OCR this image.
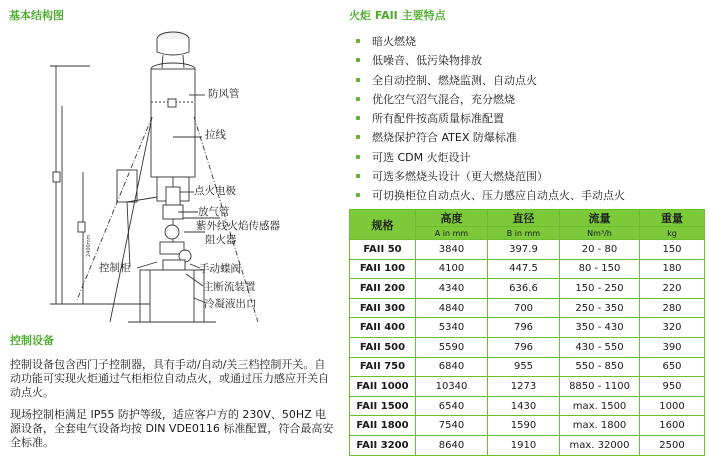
基本结构图
防风管
拉线
点火电极
放气管
紫外线火焰传感器
阻火器
控制柜	手动蝶阀
主断流装置
冷凝液出口
2400mm
控制设备
控制设备包含西门子控制器，具有手动/自动/关三档控制开关。自动功能可实现火炬通过气柜柜位自动点火，或通过压力感应开关自动点火。
现场控制柜满足 IP55 防护等级，适应客户方的 230V、50HZ 电源设备，全套电气设备均按 DIN VDE0116 标准配置，符合最高安全标准。
火炬 FAII 主要特点
暗火燃烧
低噪音、低污染物排放
全自动控制、燃烧监测、自动点火
优化空气沼气混合，充分燃烧
所有配件按高质量标准配置
燃烧保护符合 ATEX 防爆标准
可选 CDM 火炬设计
可选多燃烧头设计（更大燃烧范围）
可切换柜位自动点火、压力感应自动点火、手动点火
规格	高度	直径	流量	重量
	A in mm	B in mm	Nm³/h	kg
FAII 50	3840	397.9	20 - 80	150
FAII 100	4100	447.5	80 - 150	180
FAII 200	4340	636.6	150 - 250	220
FAII 300	4840	700	250 - 350	280
FAII 400	5340	796	350 - 430	320
FAII 500	5590	796	430 - 550	390
FAII 750	6840	955	550 - 850	650
FAII 1000	10340	1273	8850 - 1100	950
FAII 1500	6540	1430	max. 1500	1000
FAII 1800	7540	1590	max. 1800	1600
FAII 3200	8640	1910	max. 32000	2500
